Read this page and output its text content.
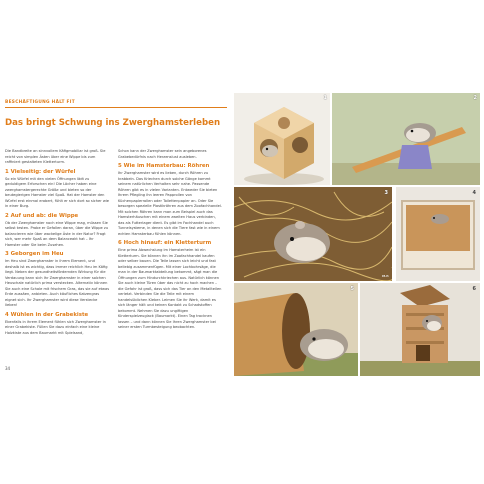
BESCHÄFTIGUNG HÄLT FIT
Das bringt Schwung ins Zwerghamsterleben

Die Bandbreite an sinnvollem Käfigmobiliar ist groß. Sie reicht von simplen Ästen über eine Wippe bis zum raffiniert gestalteten Kletterturm.

1 Vielseitig: der Würfel

So ein Würfel mit den vielen Öffnungen lädt zu geduldigem Erforschen ein! Die Löcher haben eine zwerghamstergerechte Größe und bieten so der beutegierigen Hamster viel Spaß. Hat der Hamster den Würfel erst einmal erobert, fühlt er sich dort so sicher wie in einer Burg.

2 Auf und ab: die Wippe

Ob der Zwerghamster noch eine Wippe mag, müssen Sie selbst testen. Probe er Gefallen daran, über die Wippe zu balancieren wie über wackelige Äste in der Natur? Fragt sich, wer mehr Spaß an dem Balanceakt hat – Ihr Hamster oder Sie beim Zusehen.

3 Geborgen im Heu

Im Heu sind Zwerghamster in ihrem Element, und deshalb ist es wichtig, dass immer reichlich Heu im Käfig liegt. Neben der gesundheitsfördernden Wirkung für die Verdauung kann sich Ihr Zwerghamster in einer solchen Heuschale natürlich prima verstecken. Alternativ können Sie auch eine Schale mit frischem Gras, das sie auf etwas Erde aussäen, anbieten. Auch käufliches Katzengras eignet sich. Ihr Zwerghamster wird diese Verstecke lieben!

4 Wühlen in der Grabekiste

Ebenfalls in ihrem Element fühlen sich Zwerghamster in einer Grabekiste. Füllen Sie dazu einfach eine kleine Holzkiste aus dem Baumarkt mit Spielsand,

Schon kann der Zwerghamster sein angeborenes Grabebedürfnis nach Herzenslust ausleben.

5 Wie im Hamsterbau: Röhren

Ihr Zwerghamster wird es lieben, durch Röhren zu krabbeln. Das Kriechen durch solche Gänge kommt seinem natürlichen Verhalten sehr nahe. Passende Röhren gibt es in vielen Varianten. Entweder Sie bieten Ihrem Pflegling ihn leeren Papprollen von Küchenpapierrollen oder Toilettenpapier an. Oder Sie besorgen spezielle Plastikröhren aus dem Zoofachhandel. Mit solchen Röhren kann man zum Beispiel auch das Hamsterhäuschen mit einem zweiten Haus verbinden, das als Futterlager dient. Es gibt im Fachhandel auch Tunnelsysteme, in denen sich die Tiere fast wie in einem echten Hamsterbau fühlen können.

6 Hoch hinauf: ein Kletterturm

Eine prima Abwechslung im Hamsterheim ist ein Kletterturm. Sie können ihn im Zoofachhandel kaufen oder selber bauen. Die Teile lassen sich leicht und fast beliebig zusammenfügen. Mit einer Lochbohrsäge, die man in der Baumarktabteilung bekommt, sägt man die Öffnungen zum Hindurchkriechen aus. Natürlich können Sie auch kleine Türen über das nicht zu hoch machen – die Gefahr ist groß, dass sich das Tier an den Metallteilen verletzt. Verbinden Sie die Teile mit einem handelsüblichen Kleber. Leimen Sie ihr Werk, damit es sich länger hält und keinen Kontakt zu Schadstoffen bekommt. Nehmen Sie dazu ungiftigen Kinderspielzeuglack (Baumarkt). Einen Tag trocknen lassen – und dann können Sie Ihren Zwerghamster bei seiner ersten Turmbesteigung beobachten.

34
1	2
3
M.P.
4
5	6
